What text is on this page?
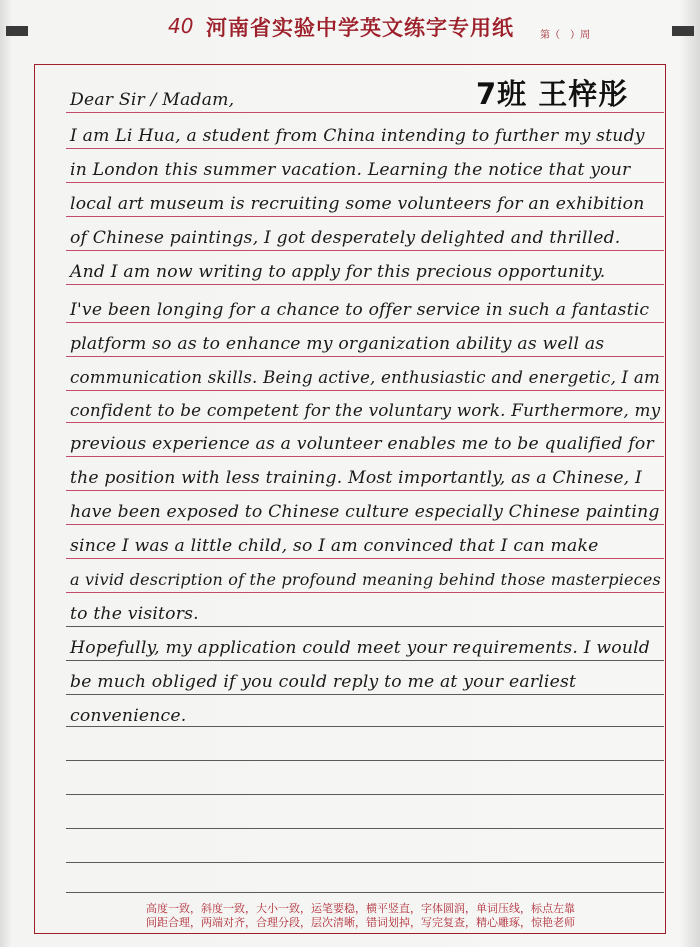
40 河南省实验中学英文练字专用纸	第（　）周
7班 王梓彤
Dear Sir / Madam,
I am Li Hua, a student from China intending to further my study
in London this summer vacation. Learning the notice that your
local art museum is recruiting some volunteers for an exhibition
of Chinese paintings, I got desperately delighted and thrilled.
And I am now writing to apply for this precious opportunity.
I've been longing for a chance to offer service in such a fantastic
platform so as to enhance my organization ability as well as
communication skills. Being active, enthusiastic and energetic, I am
confident to be competent for the voluntary work. Furthermore, my
previous experience as a volunteer enables me to be qualified for
the position with less training. Most importantly, as a Chinese, I
have been exposed to Chinese culture especially Chinese painting
since I was a little child, so I am convinced that I can make
a vivid description of the profound meaning behind those masterpieces
to the visitors.
Hopefully, my application could meet your requirements. I would
be much obliged if you could reply to me at your earliest
convenience.
高度一致，斜度一致，大小一致，运笔要稳，横平竖直，字体圆润，单词压线，标点左靠
间距合理，两端对齐，合理分段，层次清晰，错词划掉，写完复查，精心雕琢，惊艳老师
